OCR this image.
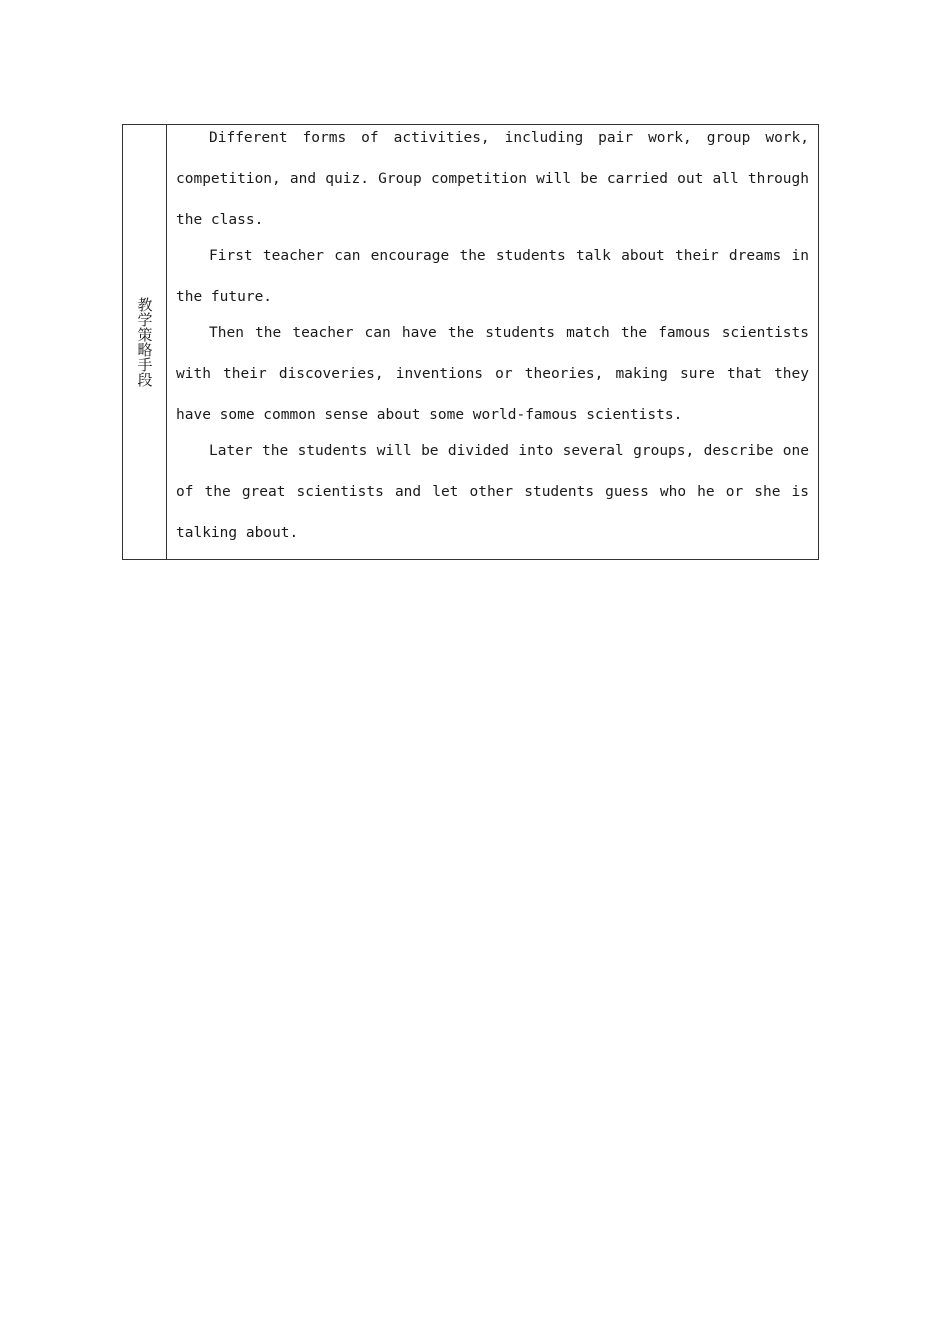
教学策略手段

Different forms of activities, including pair work, group work, competition, and quiz. Group competition will be carried out all through the class.

First teacher can encourage the students talk about their dreams in the future.

Then the teacher can have the students match the famous scientists with their discoveries, inventions or theories, making sure that they have some common sense about some world-famous scientists.

Later the students will be divided into several groups, describe one of the great scientists and let other students guess who he or she is talking about.
